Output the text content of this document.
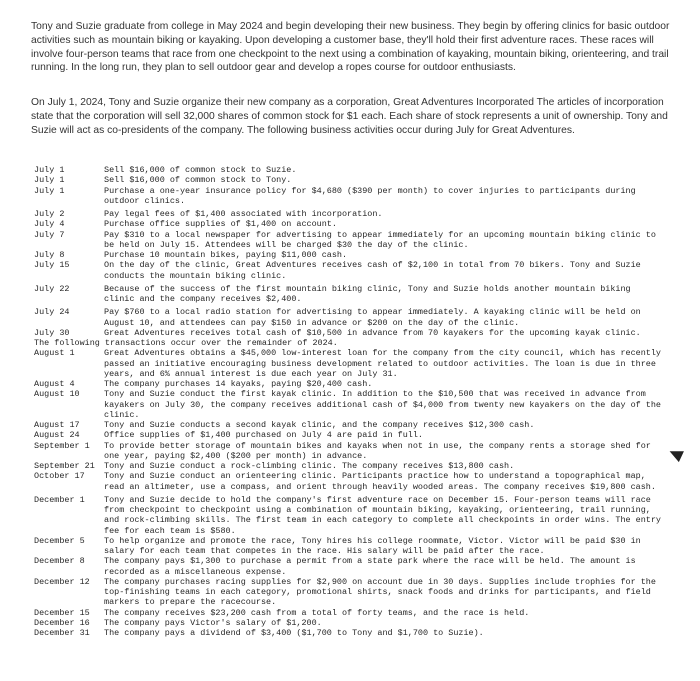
Tony and Suzie graduate from college in May 2024 and begin developing their new business. They begin by offering clinics for basic outdoor activities such as mountain biking or kayaking. Upon developing a customer base, they'll hold their first adventure races. These races will involve four-person teams that race from one checkpoint to the next using a combination of kayaking, mountain biking, orienteering, and trail running. In the long run, they plan to sell outdoor gear and develop a ropes course for outdoor enthusiasts.

On July 1, 2024, Tony and Suzie organize their new company as a corporation, Great Adventures Incorporated The articles of incorporation state that the corporation will sell 32,000 shares of common stock for $1 each. Each share of stock represents a unit of ownership. Tony and Suzie will act as co-presidents of the company. The following business activities occur during July for Great Adventures.

July 1	Sell $16,000 of common stock to Suzie.
July 1	Sell $16,000 of common stock to Tony.
July 1	Purchase a one-year insurance policy for $4,680 ($390 per month) to cover injuries to participants during outdoor clinics.
July 2	Pay legal fees of $1,400 associated with incorporation.
July 4	Purchase office supplies of $1,400 on account.
July 7	Pay $310 to a local newspaper for advertising to appear immediately for an upcoming mountain biking clinic to be held on July 15. Attendees will be charged $30 the day of the clinic.
July 8	Purchase 10 mountain bikes, paying $11,000 cash.
July 15	On the day of the clinic, Great Adventures receives cash of $2,100 in total from 70 bikers. Tony and Suzie conducts the mountain biking clinic.
July 22	Because of the success of the first mountain biking clinic, Tony and Suzie holds another mountain biking clinic and the company receives $2,400.
July 24	Pay $760 to a local radio station for advertising to appear immediately. A kayaking clinic will be held on August 10, and attendees can pay $150 in advance or $200 on the day of the clinic.
July 30	Great Adventures receives total cash of $10,500 in advance from 70 kayakers for the upcoming kayak clinic.
The following transactions occur over the remainder of 2024.
August 1	Great Adventures obtains a $45,000 low-interest loan for the company from the city council, which has recently passed an initiative encouraging business development related to outdoor activities. The loan is due in three years, and 6% annual interest is due each year on July 31.
August 4	The company purchases 14 kayaks, paying $20,400 cash.
August 10	Tony and Suzie conduct the first kayak clinic. In addition to the $10,500 that was received in advance from kayakers on July 30, the company receives additional cash of $4,000 from twenty new kayakers on the day of the clinic.
August 17	Tony and Suzie conducts a second kayak clinic, and the company receives $12,300 cash.
August 24	Office supplies of $1,400 purchased on July 4 are paid in full.
September 1	To provide better storage of mountain bikes and kayaks when not in use, the company rents a storage shed for one year, paying $2,400 ($200 per month) in advance.
September 21	Tony and Suzie conduct a rock-climbing clinic. The company receives $13,800 cash.
October 17	Tony and Suzie conduct an orienteering clinic. Participants practice how to understand a topographical map, read an altimeter, use a compass, and orient through heavily wooded areas. The company receives $19,800 cash.
December 1	Tony and Suzie decide to hold the company's first adventure race on December 15. Four-person teams will race from checkpoint to checkpoint using a combination of mountain biking, kayaking, orienteering, trail running, and rock-climbing skills. The first team in each category to complete all checkpoints in order wins. The entry fee for each team is $580.
December 5	To help organize and promote the race, Tony hires his college roommate, Victor. Victor will be paid $30 in salary for each team that competes in the race. His salary will be paid after the race.
December 8	The company pays $1,300 to purchase a permit from a state park where the race will be held. The amount is recorded as a miscellaneous expense.
December 12	The company purchases racing supplies for $2,900 on account due in 30 days. Supplies include trophies for the top-finishing teams in each category, promotional shirts, snack foods and drinks for participants, and field markers to prepare the racecourse.
December 15	The company receives $23,200 cash from a total of forty teams, and the race is held.
December 16	The company pays Victor's salary of $1,200.
December 31	The company pays a dividend of $3,400 ($1,700 to Tony and $1,700 to Suzie).
